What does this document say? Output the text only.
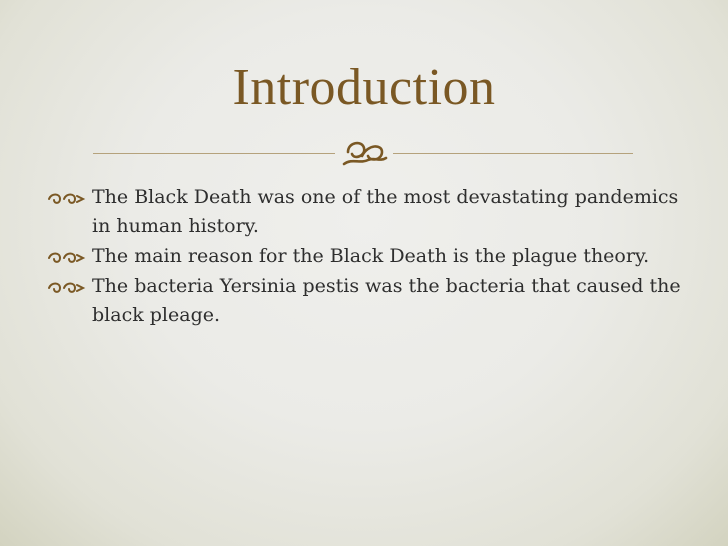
Introduction
The Black Death was one of the most devastating pandemics in human history.
The main reason for the Black Death is the plague theory.
The bacteria Yersinia pestis was the bacteria that caused the black pleage.
